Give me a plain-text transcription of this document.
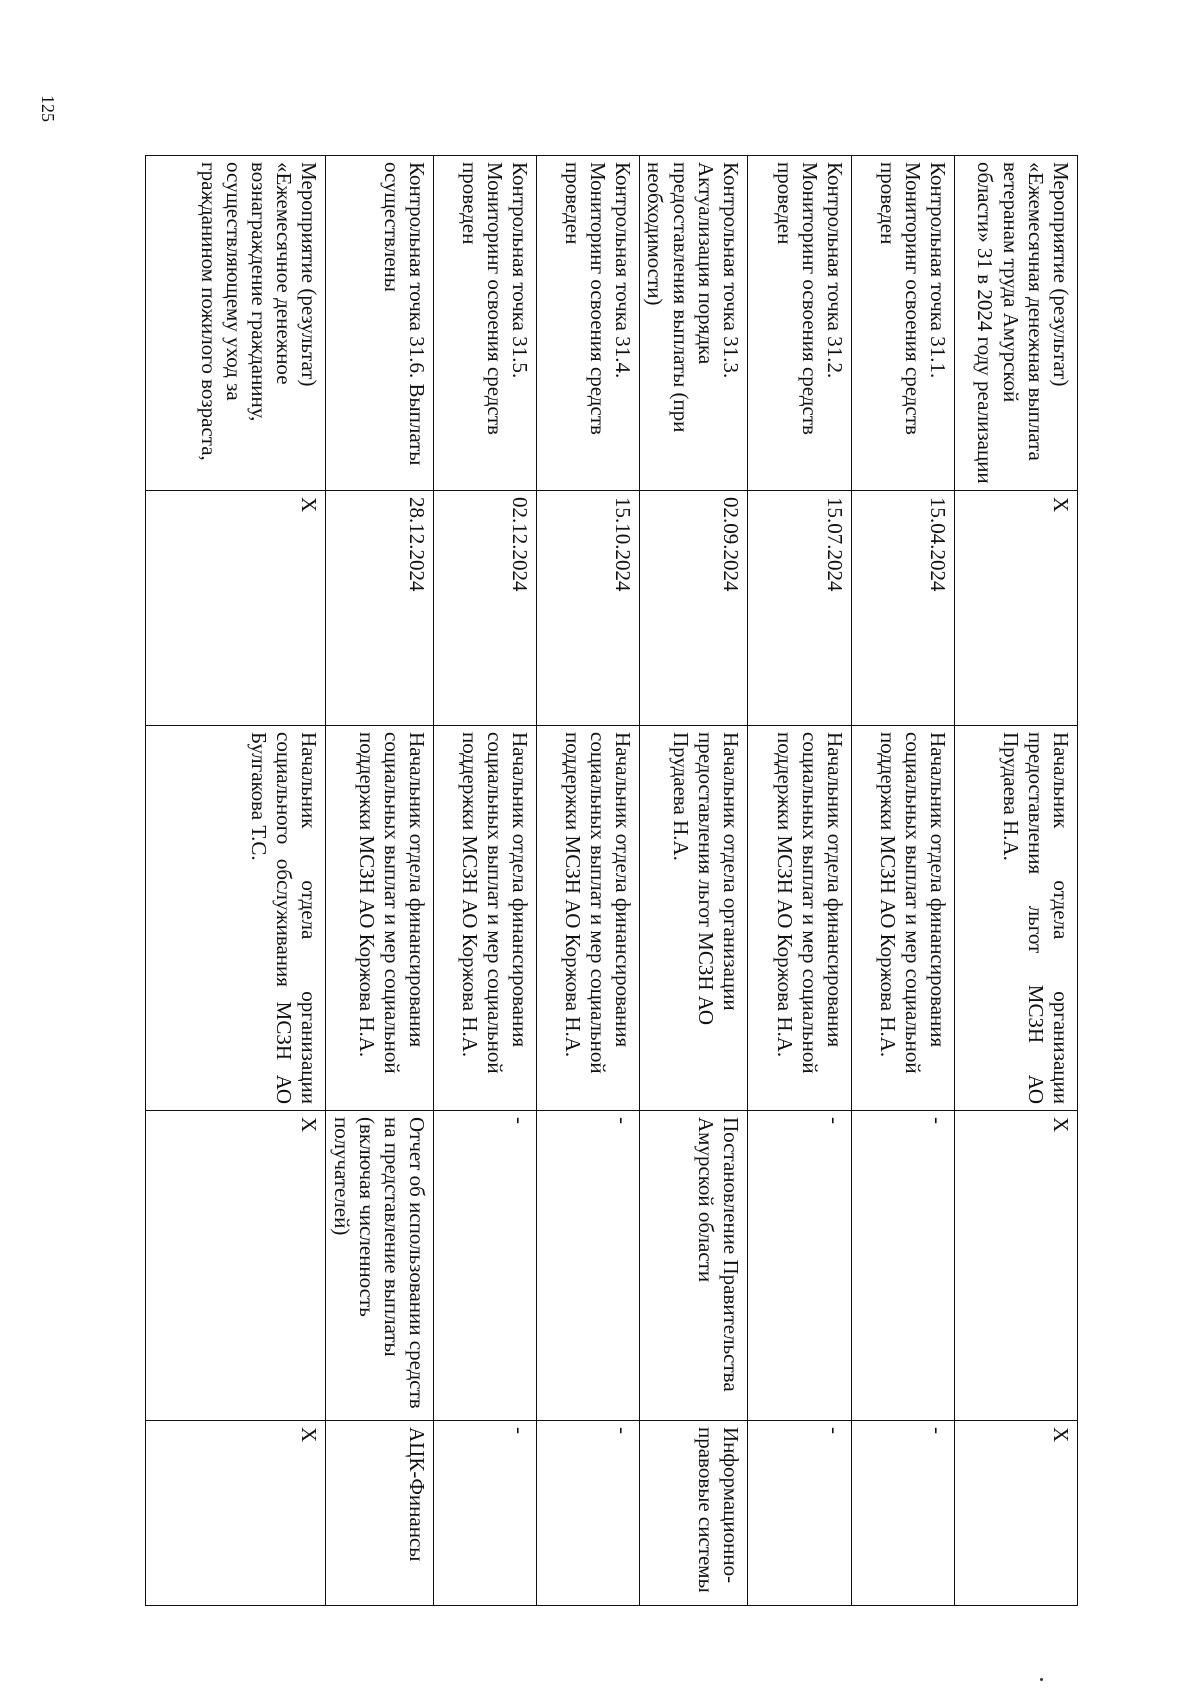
125
Мероприятие (результат) «Ежемесячная денежная выплата ветеранам труда Амурской области» 31 в 2024 году реализации	X	Начальник отдела организации предоставления льгот МСЗН АО Прудаева Н.А.	X	X
Контрольная точка 31.1. Мониторинг освоения средств проведен	15.04.2024	Начальник отдела финансирования социальных выплат и мер социальной поддержки МСЗН АО Коржова Н.А.	-	-
Контрольная точка 31.2. Мониторинг освоения средств проведен	15.07.2024	Начальник отдела финансирования социальных выплат и мер социальной поддержки МСЗН АО Коржова Н.А.	-	-
Контрольная точка 31.3. Актуализация порядка предоставления выплаты (при необходимости)	02.09.2024	Начальник отдела организации предоставления льгот МСЗН АО Прудаева Н.А.	Постановление Правительства Амурской области	Информационно-правовые системы
Контрольная точка 31.4. Мониторинг освоения средств проведен	15.10.2024	Начальник отдела финансирования социальных выплат и мер социальной поддержки МСЗН АО Коржова Н.А.	-	-
Контрольная точка 31.5. Мониторинг освоения средств проведен	02.12.2024	Начальник отдела финансирования социальных выплат и мер социальной поддержки МСЗН АО Коржова Н.А.	-	-
Контрольная точка 31.6. Выплаты осуществлены	28.12.2024	Начальник отдела финансирования социальных выплат и мер социальной поддержки МСЗН АО Коржова Н.А.	Отчет об использовании средств на представление выплаты (включая численность получателей)	АЦК-Финансы
Мероприятие (результат) «Ежемесячное денежное вознаграждение гражданину, осуществляющему уход за гражданином пожилого возраста,	X	Начальник отдела организации социального обслуживания МСЗН АО Булгакова Т.С.	X	X
